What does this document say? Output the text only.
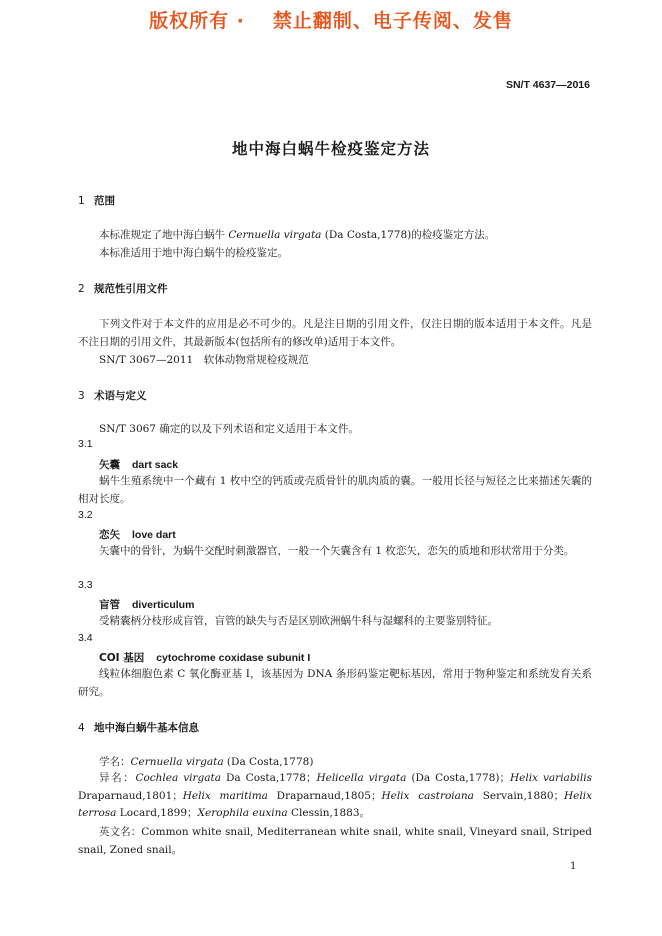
版权所有 · 禁止翻制、电子传阅、发售
SN/T 4637—2016
地中海白蜗牛检疫鉴定方法
1 范围
本标准规定了地中海白蜗牛 Cernuella virgata (Da Costa,1778)的检疫鉴定方法。
本标准适用于地中海白蜗牛的检疫鉴定。
2 规范性引用文件
下列文件对于本文件的应用是必不可少的。凡是注日期的引用文件，仅注日期的版本适用于本文件。凡是不注日期的引用文件，其最新版本(包括所有的修改单)适用于本文件。
SN/T 3067—2011　软体动物常规检疫规范
3 术语与定义
SN/T 3067 确定的以及下列术语和定义适用于本文件。
3.1
矢囊 dart sack
蜗牛生殖系统中一个藏有 1 枚中空的钙质或壳质骨针的肌肉质的囊。一般用长径与短径之比来描述矢囊的相对长度。
3.2
恋矢 love dart
矢囊中的骨针，为蜗牛交配时刺激器官，一般一个矢囊含有 1 枚恋矢，恋矢的质地和形状常用于分类。
3.3
盲管 diverticulum
受精囊柄分枝形成盲管，盲管的缺失与否是区别欧洲蜗牛科与湿螺科的主要鉴别特征。
3.4
COI 基因 cytochrome coxidase subunit I
线粒体细胞色素 C 氧化酶亚基 I，该基因为 DNA 条形码鉴定靶标基因，常用于物种鉴定和系统发育关系研究。
4 地中海白蜗牛基本信息
学名：Cernuella virgata (Da Costa,1778)
异名：Cochlea virgata Da Costa,1778；Helicella virgata (Da Costa,1778)；Helix variabilis Draparnaud,1801；Helix maritima Draparnaud,1805；Helix castroiana Servain,1880；Helix terrosa Locard,1899；Xerophila euxina Clessin,1883。
英文名：Common white snail, Mediterranean white snail, white snail, Vineyard snail, Striped snail, Zoned snail。
1
